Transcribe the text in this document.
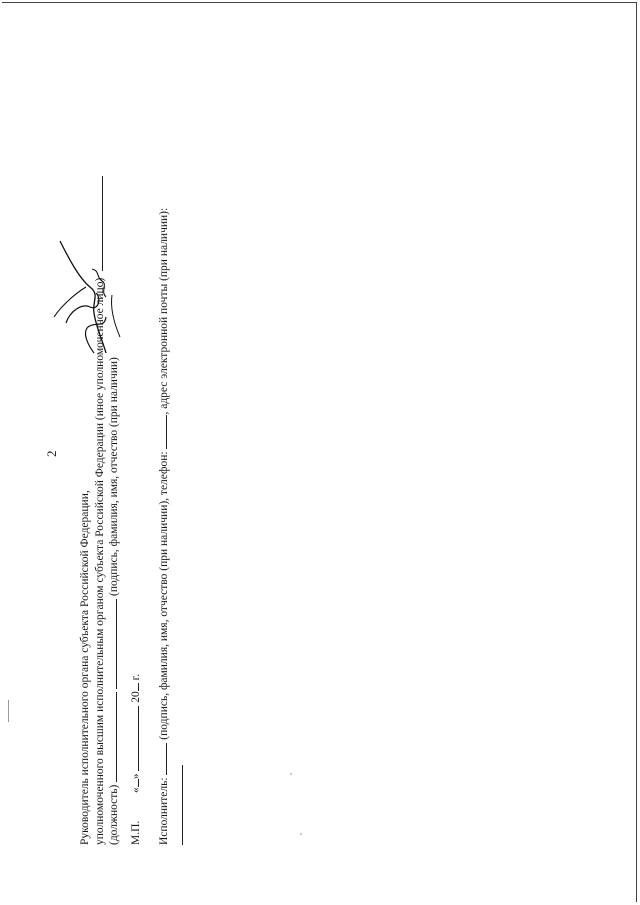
2
Руководитель исполнительного органа субъекта Российской Федерации, уполномоченного высшим исполнительным органом субъекта Российской Федерации (иное уполномоченное лицо) (должность)   (подпись, фамилия, имя, отчество (при наличии)
М.П.  «»  20 г.
Исполнитель:  (подпись, фамилия, имя, отчество (при наличии), телефон: , адрес электронной почты (при наличии):
